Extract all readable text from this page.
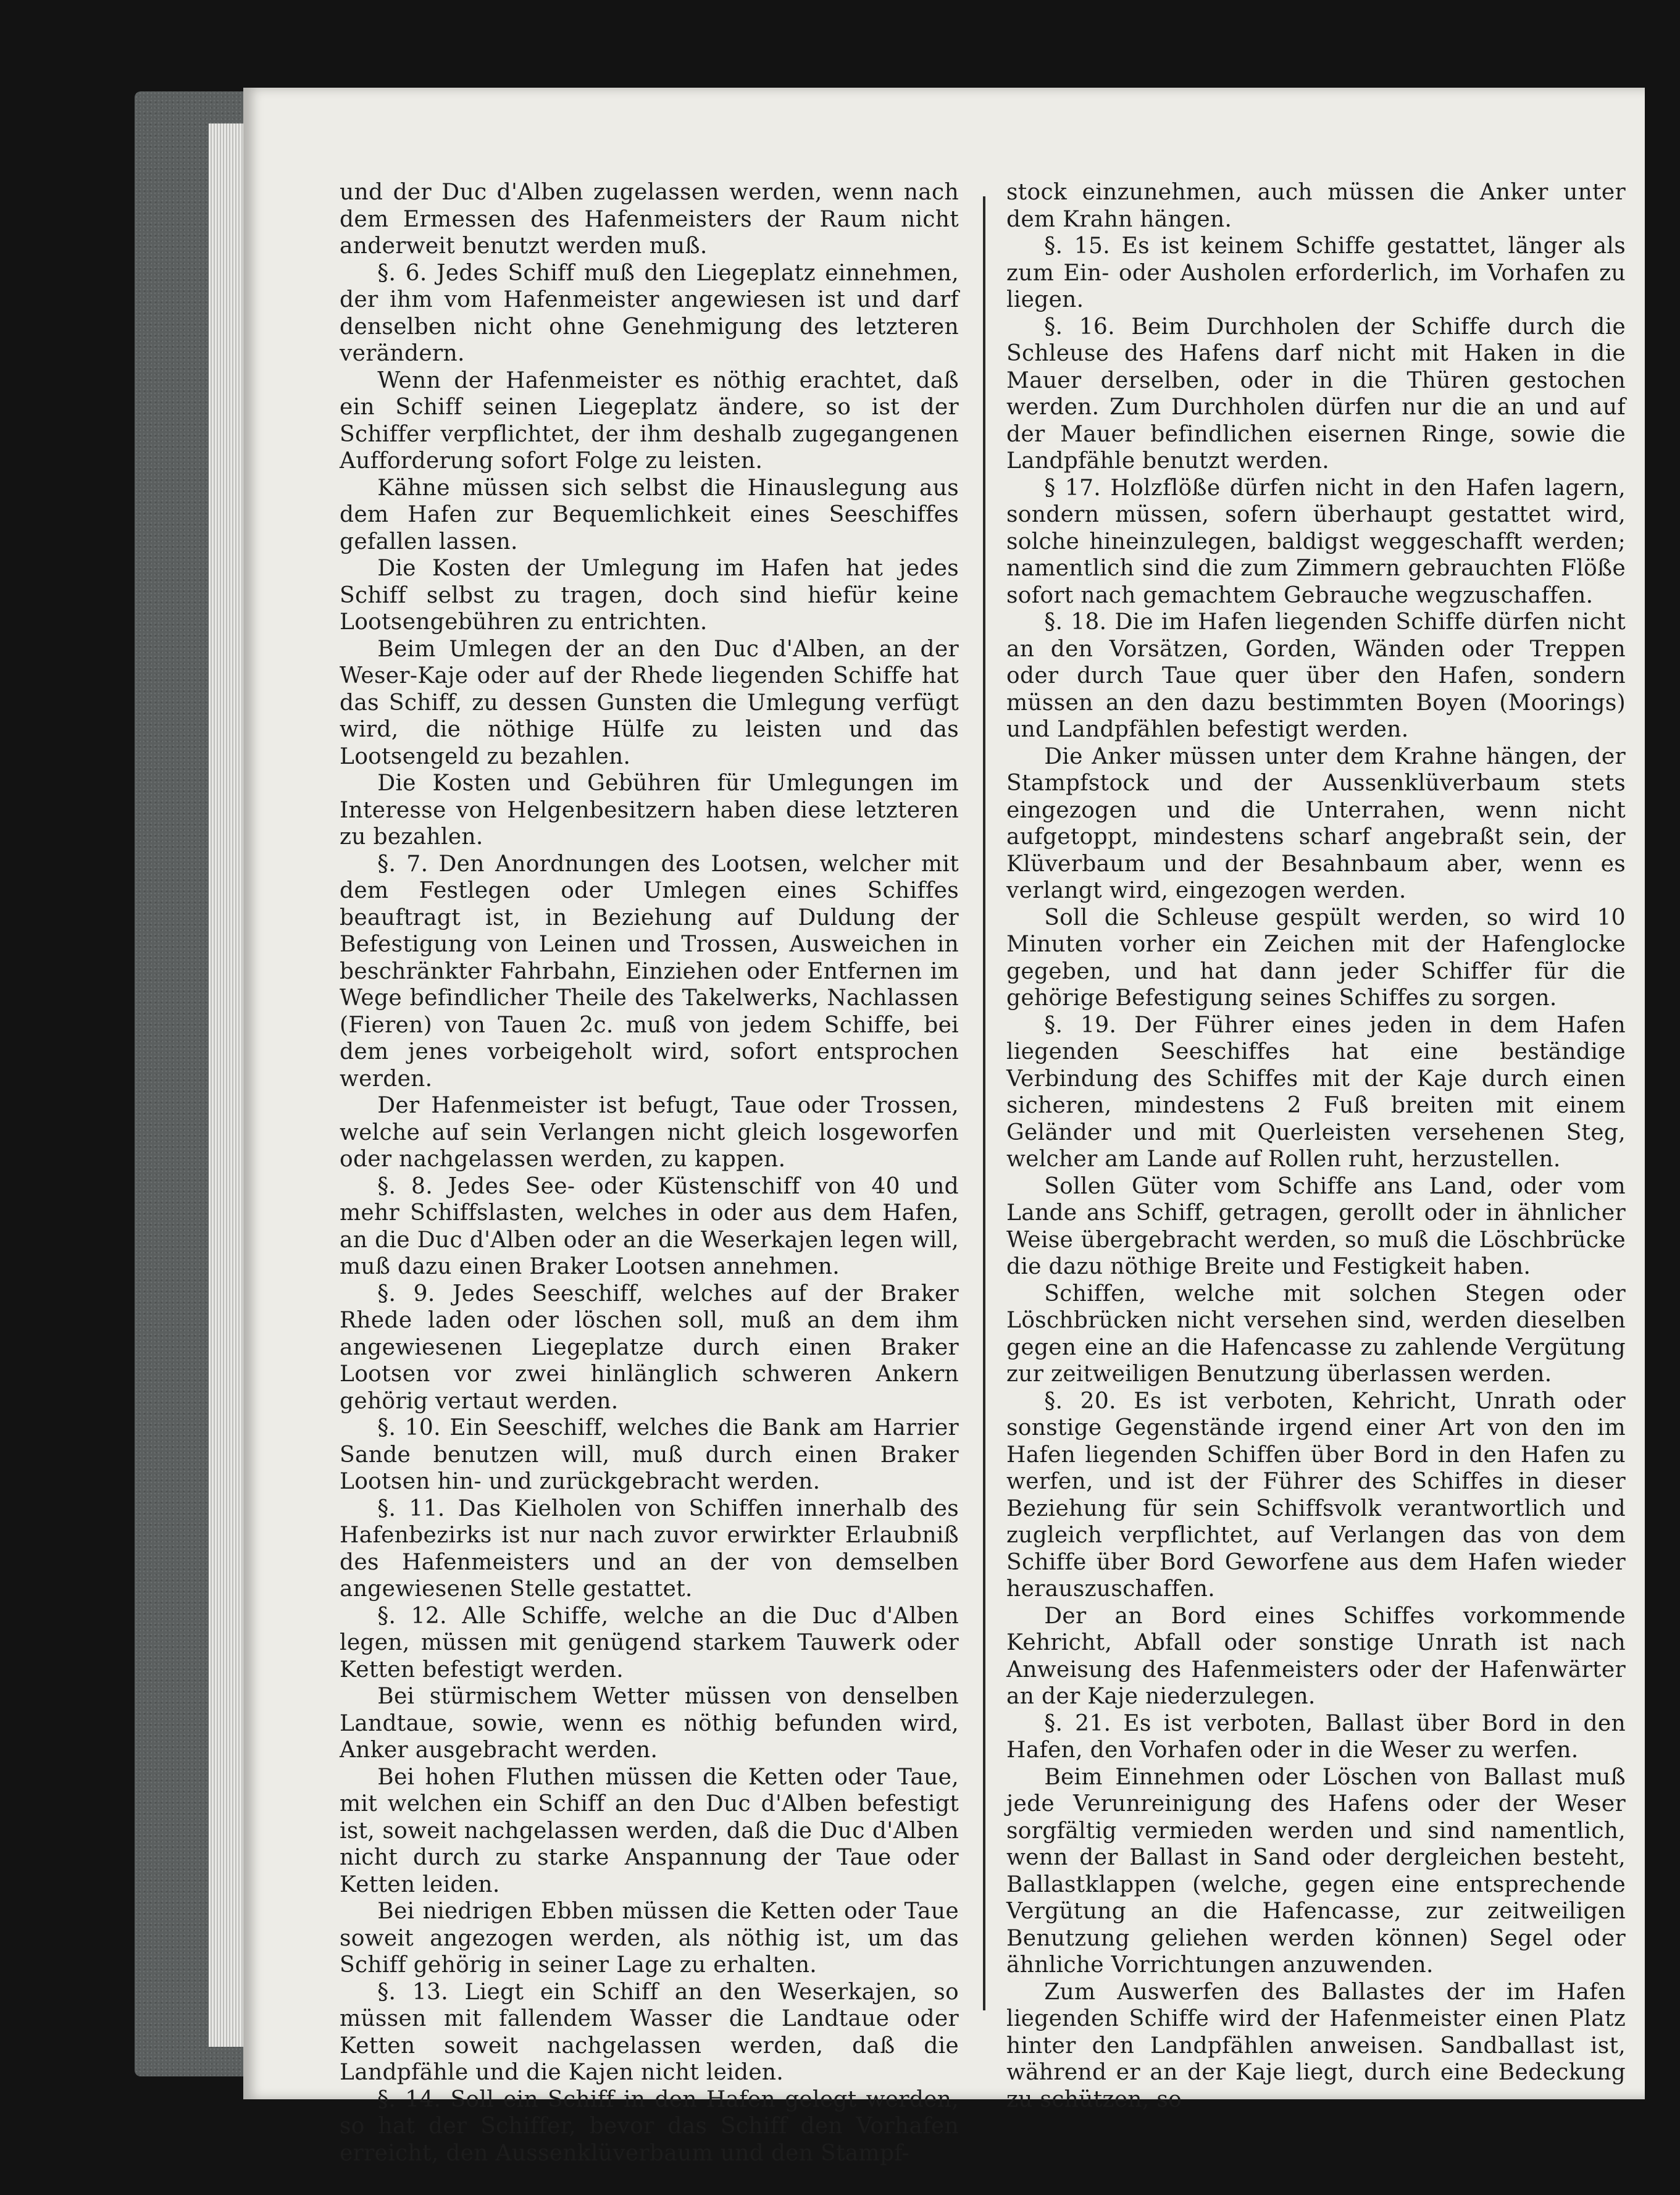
und der Duc d'Alben zugelassen werden, wenn nach dem Ermessen des Hafenmeisters der Raum nicht anderweit benutzt werden muß.

§. 6. Jedes Schiff muß den Liegeplatz einnehmen, der ihm vom Hafenmeister angewiesen ist und darf denselben nicht ohne Genehmigung des letzteren verändern.

Wenn der Hafenmeister es nöthig erachtet, daß ein Schiff seinen Liegeplatz ändere, so ist der Schiffer verpflichtet, der ihm deshalb zugegangenen Aufforderung sofort Folge zu leisten.

Kähne müssen sich selbst die Hinauslegung aus dem Hafen zur Bequemlichkeit eines Seeschiffes gefallen lassen.

Die Kosten der Umlegung im Hafen hat jedes Schiff selbst zu tragen, doch sind hiefür keine Lootsengebühren zu entrichten.

Beim Umlegen der an den Duc d'Alben, an der Weser-Kaje oder auf der Rhede liegenden Schiffe hat das Schiff, zu dessen Gunsten die Umlegung verfügt wird, die nöthige Hülfe zu leisten und das Lootsengeld zu bezahlen.

Die Kosten und Gebühren für Umlegungen im Interesse von Helgenbesitzern haben diese letzteren zu bezahlen.

§. 7. Den Anordnungen des Lootsen, welcher mit dem Festlegen oder Umlegen eines Schiffes beauftragt ist, in Beziehung auf Duldung der Befestigung von Leinen und Trossen, Ausweichen in beschränkter Fahrbahn, Einziehen oder Entfernen im Wege befindlicher Theile des Takelwerks, Nachlassen (Fieren) von Tauen 2c. muß von jedem Schiffe, bei dem jenes vorbeigeholt wird, sofort entsprochen werden.

Der Hafenmeister ist befugt, Taue oder Trossen, welche auf sein Verlangen nicht gleich losgeworfen oder nachgelassen werden, zu kappen.

§. 8. Jedes See- oder Küstenschiff von 40 und mehr Schiffslasten, welches in oder aus dem Hafen, an die Duc d'Alben oder an die Weserkajen legen will, muß dazu einen Braker Lootsen annehmen.

§. 9. Jedes Seeschiff, welches auf der Braker Rhede laden oder löschen soll, muß an dem ihm angewiesenen Liegeplatze durch einen Braker Lootsen vor zwei hinlänglich schweren Ankern gehörig vertaut werden.

§. 10. Ein Seeschiff, welches die Bank am Harrier Sande benutzen will, muß durch einen Braker Lootsen hin- und zurückgebracht werden.

§. 11. Das Kielholen von Schiffen innerhalb des Hafenbezirks ist nur nach zuvor erwirkter Erlaubniß des Hafenmeisters und an der von demselben angewiesenen Stelle gestattet.

§. 12. Alle Schiffe, welche an die Duc d'Alben legen, müssen mit genügend starkem Tauwerk oder Ketten befestigt werden.

Bei stürmischem Wetter müssen von denselben Landtaue, sowie, wenn es nöthig befunden wird, Anker ausgebracht werden.

Bei hohen Fluthen müssen die Ketten oder Taue, mit welchen ein Schiff an den Duc d'Alben befestigt ist, soweit nachgelassen werden, daß die Duc d'Alben nicht durch zu starke Anspannung der Taue oder Ketten leiden.

Bei niedrigen Ebben müssen die Ketten oder Taue soweit angezogen werden, als nöthig ist, um das Schiff gehörig in seiner Lage zu erhalten.

§. 13. Liegt ein Schiff an den Weserkajen, so müssen mit fallendem Wasser die Landtaue oder Ketten soweit nachgelassen werden, daß die Landpfähle und die Kajen nicht leiden.

§. 14. Soll ein Schiff in den Hafen gelegt werden, so hat der Schiffer, bevor das Schiff den Vorhafen erreicht, den Aussenklüverbaum und den Stampf-

stock einzunehmen, auch müssen die Anker unter dem Krahn hängen.

§. 15. Es ist keinem Schiffe gestattet, länger als zum Ein- oder Ausholen erforderlich, im Vorhafen zu liegen.

§. 16. Beim Durchholen der Schiffe durch die Schleuse des Hafens darf nicht mit Haken in die Mauer derselben, oder in die Thüren gestochen werden. Zum Durchholen dürfen nur die an und auf der Mauer befindlichen eisernen Ringe, sowie die Landpfähle benutzt werden.

§ 17. Holzflöße dürfen nicht in den Hafen lagern, sondern müssen, sofern überhaupt gestattet wird, solche hineinzulegen, baldigst weggeschafft werden; namentlich sind die zum Zimmern gebrauchten Flöße sofort nach gemachtem Gebrauche wegzuschaffen.

§. 18. Die im Hafen liegenden Schiffe dürfen nicht an den Vorsätzen, Gorden, Wänden oder Treppen oder durch Taue quer über den Hafen, sondern müssen an den dazu bestimmten Boyen (Moorings) und Landpfählen befestigt werden.

Die Anker müssen unter dem Krahne hängen, der Stampfstock und der Aussenklüverbaum stets eingezogen und die Unterrahen, wenn nicht aufgetoppt, mindestens scharf angebraßt sein, der Klüverbaum und der Besahnbaum aber, wenn es verlangt wird, eingezogen werden.

Soll die Schleuse gespült werden, so wird 10 Minuten vorher ein Zeichen mit der Hafenglocke gegeben, und hat dann jeder Schiffer für die gehörige Befestigung seines Schiffes zu sorgen.

§. 19. Der Führer eines jeden in dem Hafen liegenden Seeschiffes hat eine beständige Verbindung des Schiffes mit der Kaje durch einen sicheren, mindestens 2 Fuß breiten mit einem Geländer und mit Querleisten versehenen Steg, welcher am Lande auf Rollen ruht, herzustellen.

Sollen Güter vom Schiffe ans Land, oder vom Lande ans Schiff, getragen, gerollt oder in ähnlicher Weise übergebracht werden, so muß die Löschbrücke die dazu nöthige Breite und Festigkeit haben.

Schiffen, welche mit solchen Stegen oder Löschbrücken nicht versehen sind, werden dieselben gegen eine an die Hafencasse zu zahlende Vergütung zur zeitweiligen Benutzung überlassen werden.

§. 20. Es ist verboten, Kehricht, Unrath oder sonstige Gegenstände irgend einer Art von den im Hafen liegenden Schiffen über Bord in den Hafen zu werfen, und ist der Führer des Schiffes in dieser Beziehung für sein Schiffsvolk verantwortlich und zugleich verpflichtet, auf Verlangen das von dem Schiffe über Bord Geworfene aus dem Hafen wieder herauszuschaffen.

Der an Bord eines Schiffes vorkommende Kehricht, Abfall oder sonstige Unrath ist nach Anweisung des Hafenmeisters oder der Hafenwärter an der Kaje niederzulegen.

§. 21. Es ist verboten, Ballast über Bord in den Hafen, den Vorhafen oder in die Weser zu werfen.

Beim Einnehmen oder Löschen von Ballast muß jede Verunreinigung des Hafens oder der Weser sorgfältig vermieden werden und sind namentlich, wenn der Ballast in Sand oder dergleichen besteht, Ballastklappen (welche, gegen eine entsprechende Vergütung an die Hafencasse, zur zeitweiligen Benutzung geliehen werden können) Segel oder ähnliche Vorrichtungen anzuwenden.

Zum Auswerfen des Ballastes der im Hafen liegenden Schiffe wird der Hafenmeister einen Platz hinter den Landpfählen anweisen. Sandballast ist, während er an der Kaje liegt, durch eine Bedeckung zu schützen, so
